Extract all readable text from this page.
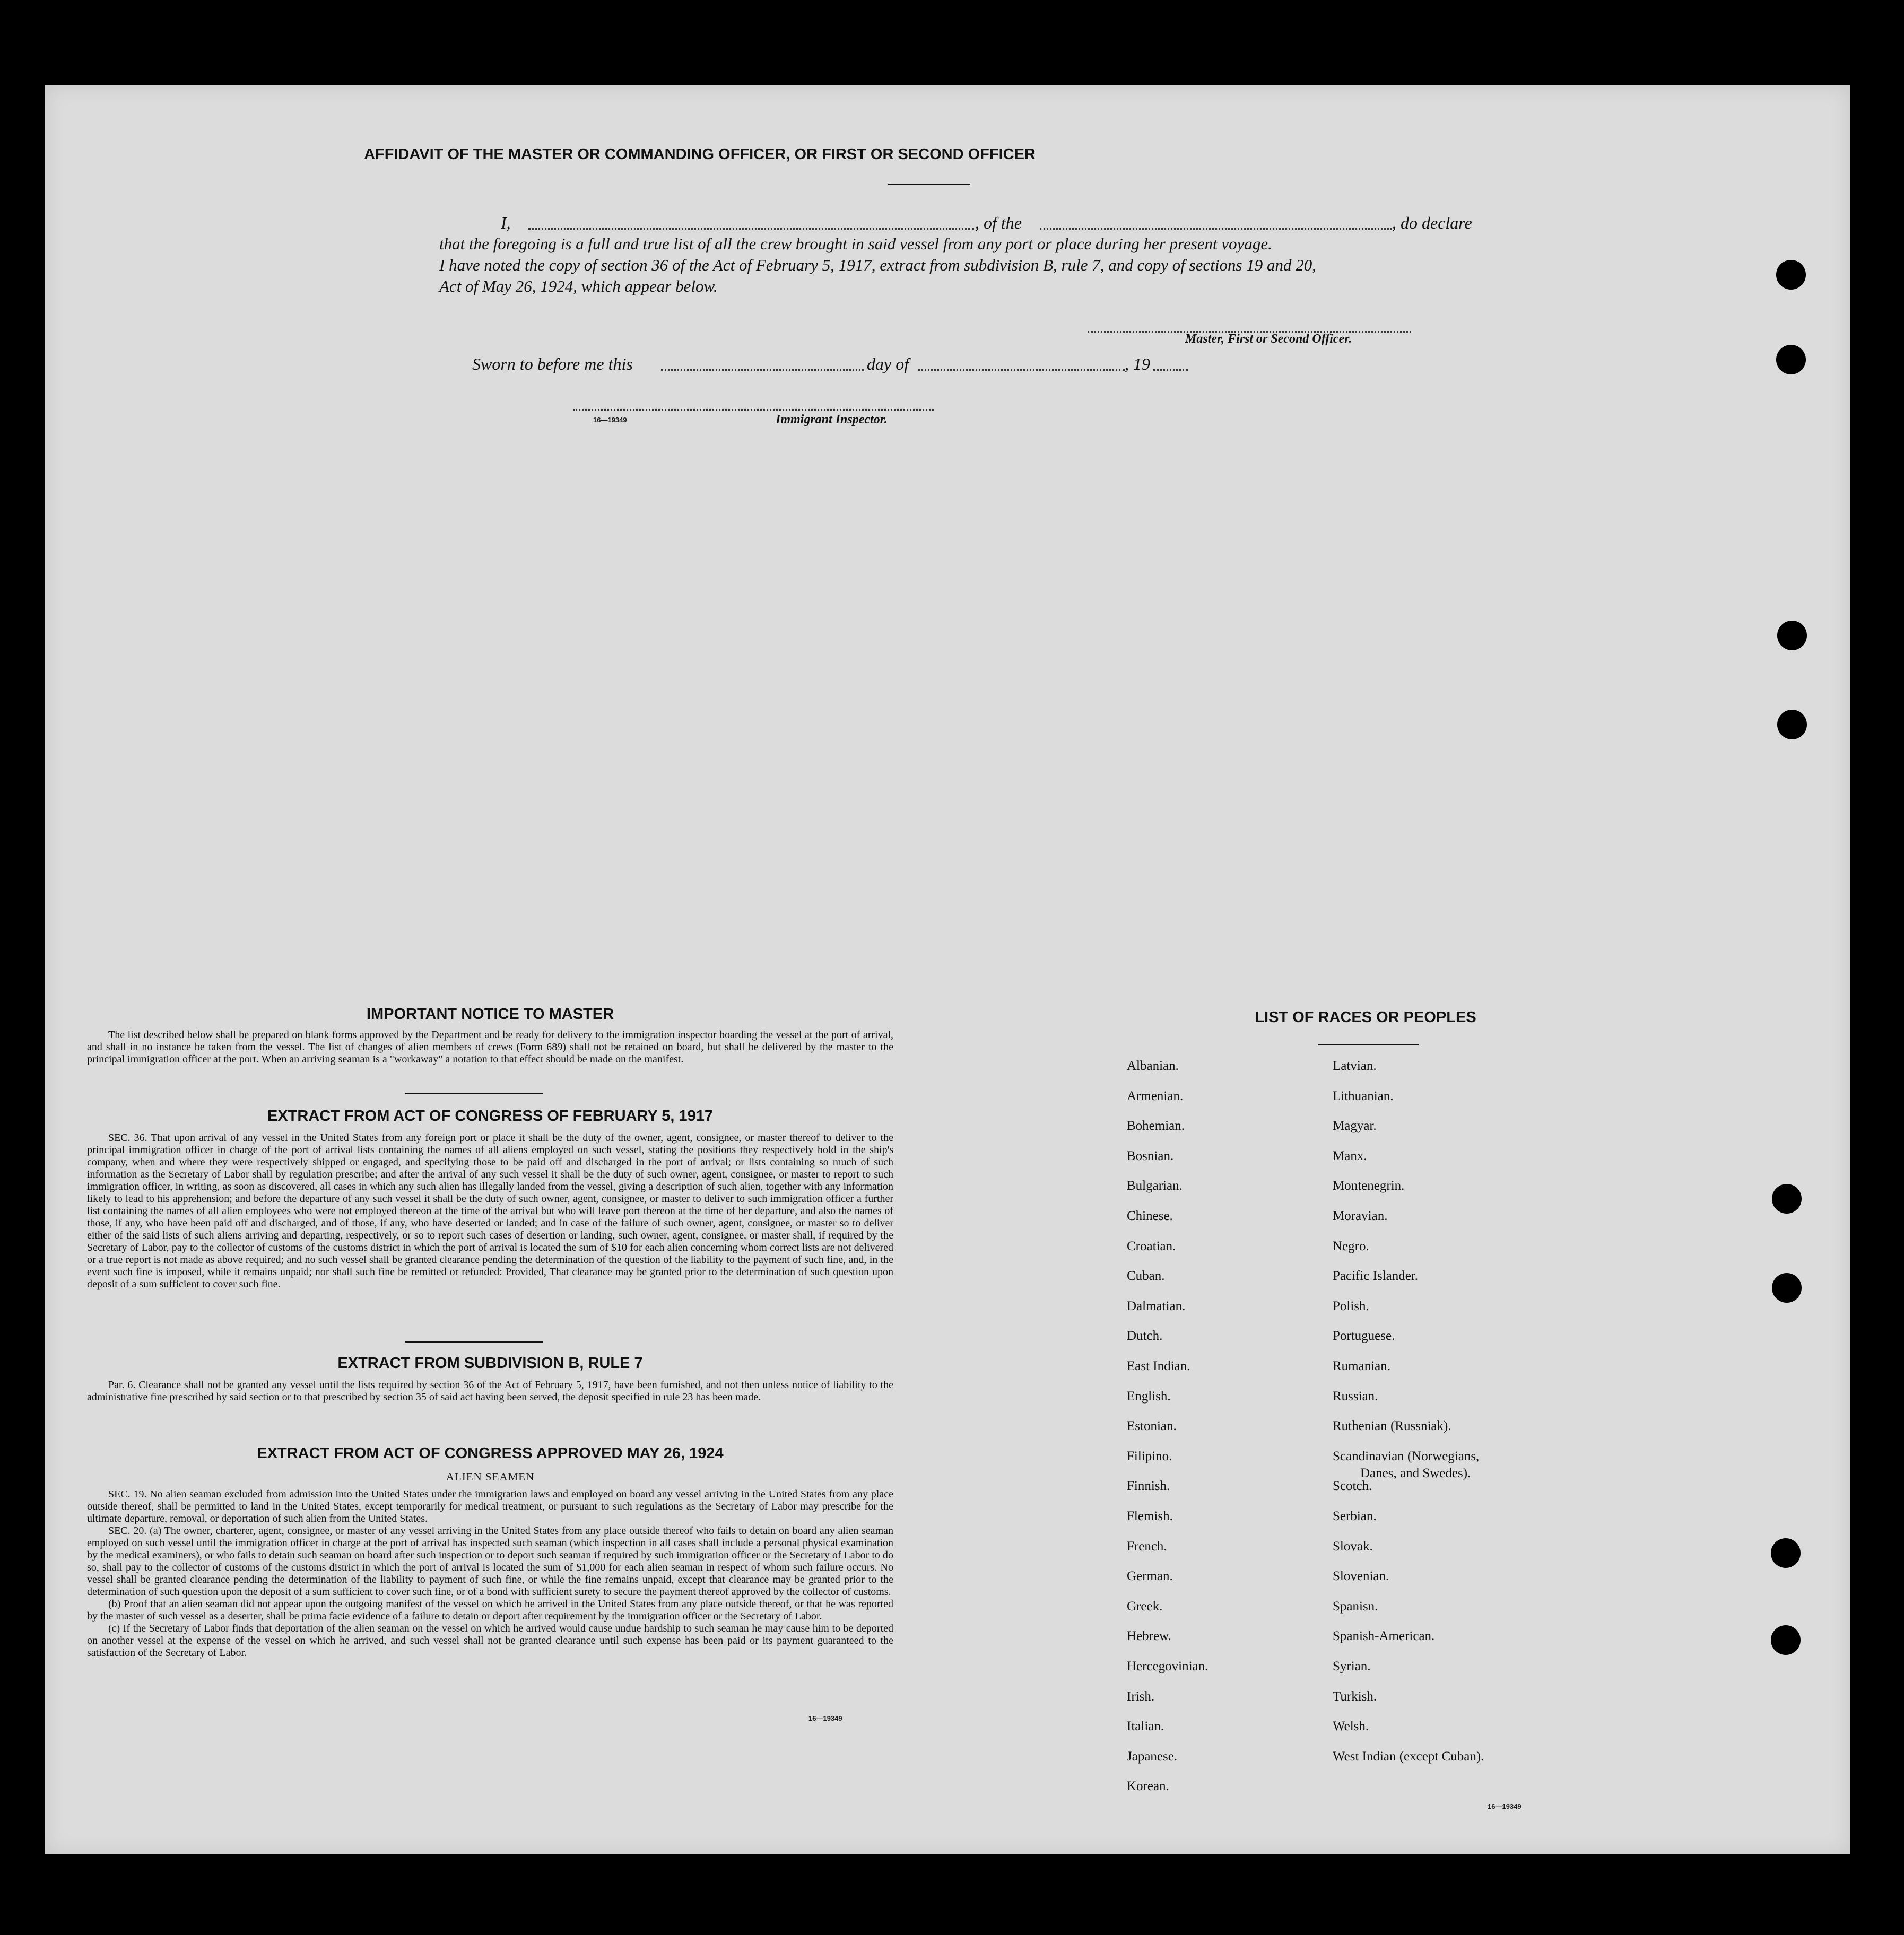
AFFIDAVIT OF THE MASTER OR COMMANDING OFFICER, OR FIRST OR SECOND OFFICER
I,	, of the	, do declare
that the foregoing is a full and true list of all the crew brought in said vessel from any port or place during her present voyage.
I have noted the copy of section 36 of the Act of February 5, 1917, extract from subdivision B, rule 7, and copy of sections 19 and 20,
Act of May 26, 1924, which appear below.
Master, First or Second Officer.
Sworn to before me this	day of	, 19
16—19349	Immigrant Inspector.
IMPORTANT NOTICE TO MASTER

The list described below shall be prepared on blank forms approved by the Department and be ready for delivery to the immigration inspector boarding the vessel at the port of arrival, and shall in no instance be taken from the vessel. The list of changes of alien members of crews (Form 689) shall not be retained on board, but shall be delivered by the master to the principal immigration officer at the port. When an arriving seaman is a "workaway" a notation to that effect should be made on the manifest.

EXTRACT FROM ACT OF CONGRESS OF FEBRUARY 5, 1917

SEC. 36. That upon arrival of any vessel in the United States from any foreign port or place it shall be the duty of the owner, agent, consignee, or master thereof to deliver to the principal immigration officer in charge of the port of arrival lists containing the names of all aliens employed on such vessel, stating the positions they respectively hold in the ship's company, when and where they were respectively shipped or engaged, and specifying those to be paid off and discharged in the port of arrival; or lists containing so much of such information as the Secretary of Labor shall by regulation prescribe; and after the arrival of any such vessel it shall be the duty of such owner, agent, consignee, or master to report to such immigration officer, in writing, as soon as discovered, all cases in which any such alien has illegally landed from the vessel, giving a description of such alien, together with any information likely to lead to his apprehension; and before the departure of any such vessel it shall be the duty of such owner, agent, consignee, or master to deliver to such immigration officer a further list containing the names of all alien employees who were not employed thereon at the time of the arrival but who will leave port thereon at the time of her departure, and also the names of those, if any, who have been paid off and discharged, and of those, if any, who have deserted or landed; and in case of the failure of such owner, agent, consignee, or master so to deliver either of the said lists of such aliens arriving and departing, respectively, or so to report such cases of desertion or landing, such owner, agent, consignee, or master shall, if required by the Secretary of Labor, pay to the collector of customs of the customs district in which the port of arrival is located the sum of $10 for each alien concerning whom correct lists are not delivered or a true report is not made as above required; and no such vessel shall be granted clearance pending the determination of the question of the liability to the payment of such fine, and, in the event such fine is imposed, while it remains unpaid; nor shall such fine be remitted or refunded: Provided, That clearance may be granted prior to the determination of such question upon deposit of a sum sufficient to cover such fine.

EXTRACT FROM SUBDIVISION B, RULE 7

Par. 6. Clearance shall not be granted any vessel until the lists required by section 36 of the Act of February 5, 1917, have been furnished, and not then unless notice of liability to the administrative fine prescribed by said section or to that prescribed by section 35 of said act having been served, the deposit specified in rule 23 has been made.

EXTRACT FROM ACT OF CONGRESS APPROVED MAY 26, 1924
ALIEN SEAMEN

SEC. 19. No alien seaman excluded from admission into the United States under the immigration laws and employed on board any vessel arriving in the United States from any place outside thereof, shall be permitted to land in the United States, except temporarily for medical treatment, or pursuant to such regulations as the Secretary of Labor may prescribe for the ultimate departure, removal, or deportation of such alien from the United States.

SEC. 20. (a) The owner, charterer, agent, consignee, or master of any vessel arriving in the United States from any place outside thereof who fails to detain on board any alien seaman employed on such vessel until the immigration officer in charge at the port of arrival has inspected such seaman (which inspection in all cases shall include a personal physical examination by the medical examiners), or who fails to detain such seaman on board after such inspection or to deport such seaman if required by such immigration officer or the Secretary of Labor to do so, shall pay to the collector of customs of the customs district in which the port of arrival is located the sum of $1,000 for each alien seaman in respect of whom such failure occurs. No vessel shall be granted clearance pending the determination of the liability to payment of such fine, or while the fine remains unpaid, except that clearance may be granted prior to the determination of such question upon the deposit of a sum sufficient to cover such fine, or of a bond with sufficient surety to secure the payment thereof approved by the collector of customs.

(b) Proof that an alien seaman did not appear upon the outgoing manifest of the vessel on which he arrived in the United States from any place outside thereof, or that he was reported by the master of such vessel as a deserter, shall be prima facie evidence of a failure to detain or deport after requirement by the immigration officer or the Secretary of Labor.

(c) If the Secretary of Labor finds that deportation of the alien seaman on the vessel on which he arrived would cause undue hardship to such seaman he may cause him to be deported on another vessel at the expense of the vessel on which he arrived, and such vessel shall not be granted clearance until such expense has been paid or its payment guaranteed to the satisfaction of the Secretary of Labor.

16—19349
LIST OF RACES OR PEOPLES
16—19349
Albanian.
Armenian.
Bohemian.
Bosnian.
Bulgarian.
Chinese.
Croatian.
Cuban.
Dalmatian.
Dutch.
East Indian.
English.
Estonian.
Filipino.
Finnish.
Flemish.
French.
German.
Greek.
Hebrew.
Hercegovinian.
Irish.
Italian.
Japanese.
Korean.
Latvian.
Lithuanian.
Magyar.
Manx.
Montenegrin.
Moravian.
Negro.
Pacific Islander.
Polish.
Portuguese.
Rumanian.
Russian.
Ruthenian (Russniak).
Scandinavian (Norwegians,
Danes, and Swedes).
Scotch.
Serbian.
Slovak.
Slovenian.
Spanisn.
Spanish-American.
Syrian.
Turkish.
Welsh.
West Indian (except Cuban).
